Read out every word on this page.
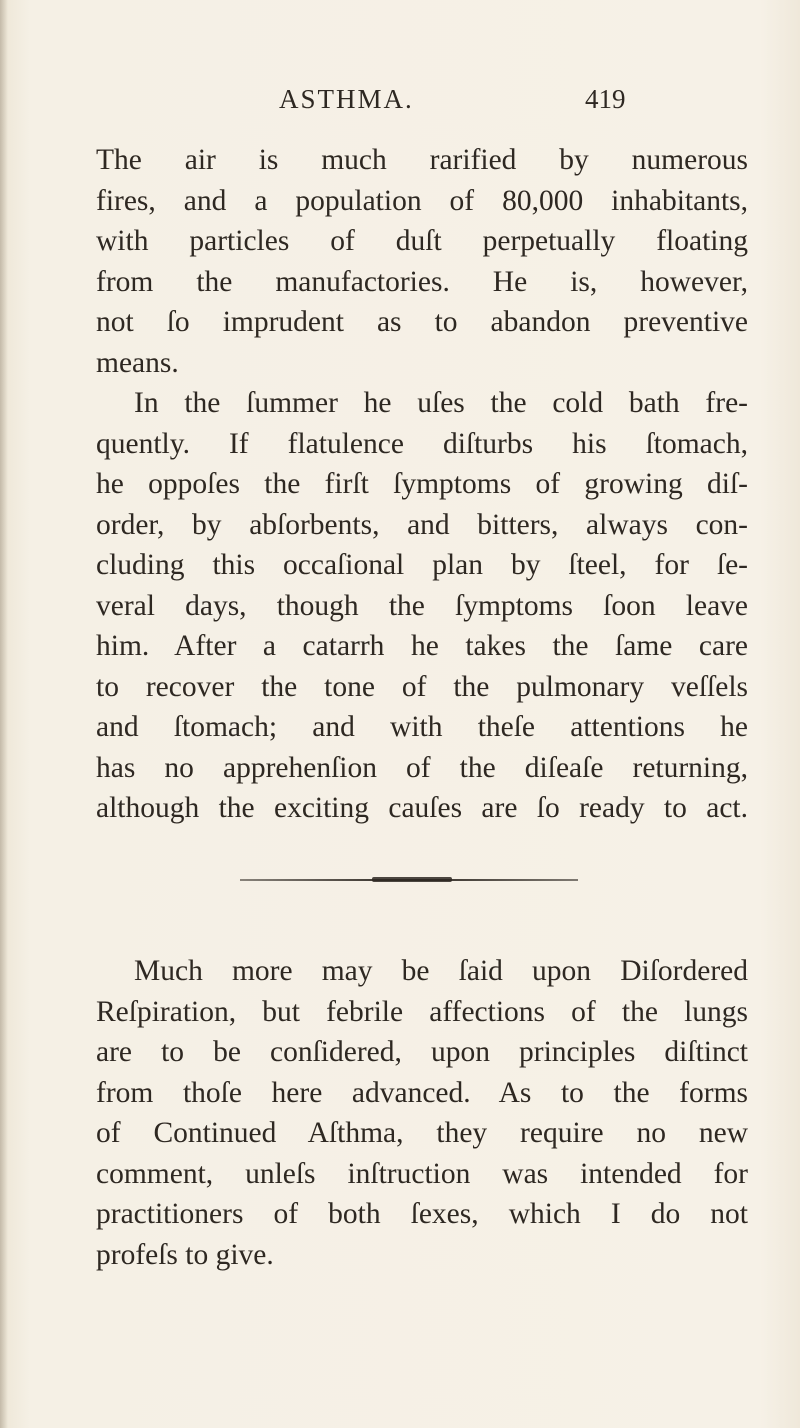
ASTHMA.	419
The air is much rarified by numerous
fires, and a population of 80,000 inhabitants,
with particles of duſt perpetually floating
from the manufactories. He is, however,
not ſo imprudent as to abandon preventive
means.
In the ſummer he uſes the cold bath fre-
quently. If flatulence diſturbs his ſtomach,
he oppoſes the firſt ſymptoms of growing diſ-
order, by abſorbents, and bitters, always con-
cluding this occaſional plan by ſteel, for ſe-
veral days, though the ſymptoms ſoon leave
him. After a catarrh he takes the ſame care
to recover the tone of the pulmonary veſſels
and ſtomach; and with theſe attentions he
has no apprehenſion of the diſeaſe returning,
although the exciting cauſes are ſo ready to act.
Much more may be ſaid upon Diſordered
Reſpiration, but febrile affections of the lungs
are to be conſidered, upon principles diſtinct
from thoſe here advanced. As to the forms
of Continued Aſthma, they require no new
comment, unleſs inſtruction was intended for
practitioners of both ſexes, which I do not
profeſs to give.
